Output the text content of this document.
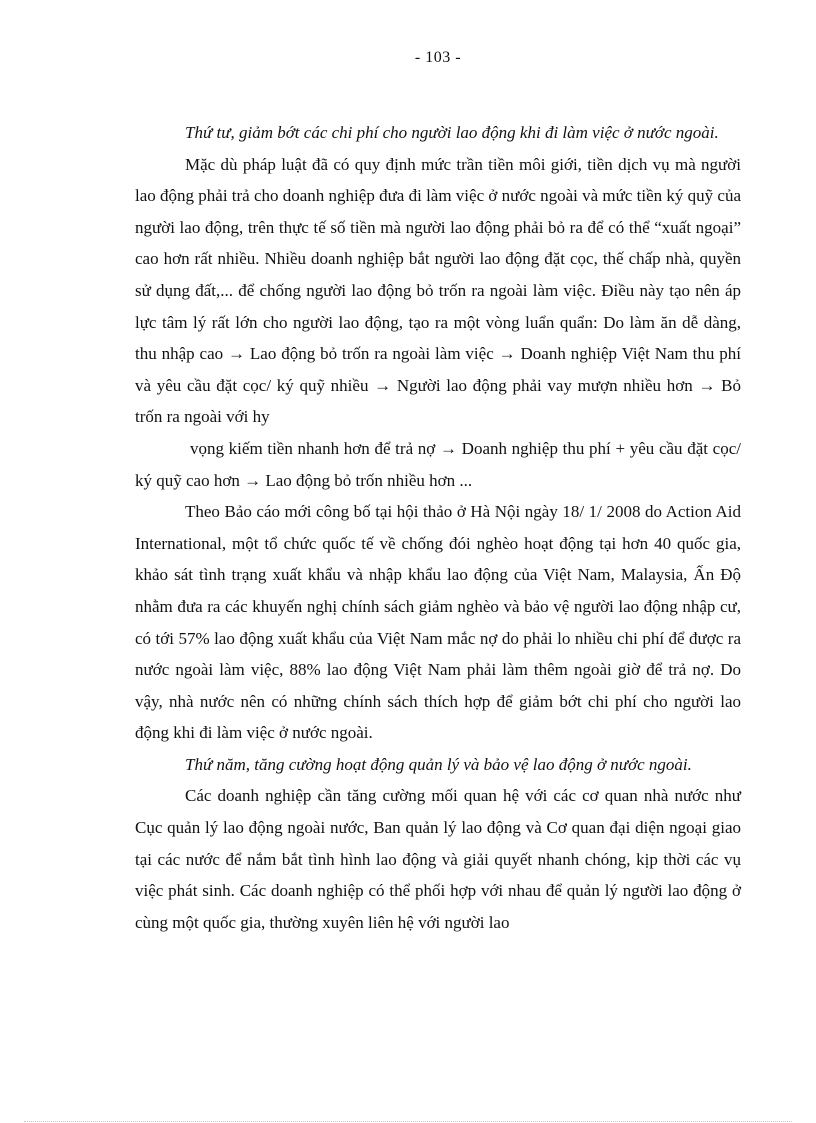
- 103 -

Thứ tư, giảm bớt các chi phí cho người lao động khi đi làm việc ở nước ngoài.

Mặc dù pháp luật đã có quy định mức trần tiền môi giới, tiền dịch vụ mà người lao động phải trả cho doanh nghiệp đưa đi làm việc ở nước ngoài và mức tiền ký quỹ của người lao động, trên thực tế số tiền mà người lao động phải bỏ ra để có thể “xuất ngoại” cao hơn rất nhiều. Nhiều doanh nghiệp bắt người lao động đặt cọc, thế chấp nhà, quyền sử dụng đất,... để chống người lao động bỏ trốn ra ngoài làm việc. Điều này tạo nên áp lực tâm lý rất lớn cho người lao động, tạo ra một vòng luẩn quẩn: Do làm ăn dễ dàng, thu nhập cao → Lao động bỏ trốn ra ngoài làm việc → Doanh nghiệp Việt Nam thu phí và yêu cầu đặt cọc/ ký quỹ nhiều → Người lao động phải vay mượn nhiều hơn → Bỏ trốn ra ngoài với hy

vọng kiếm tiền nhanh hơn để trả nợ → Doanh nghiệp thu phí + yêu cầu đặt cọc/ ký quỹ cao hơn → Lao động bỏ trốn nhiều hơn ...

Theo Bảo cáo mới công bố tại hội thảo ở Hà Nội ngày 18/ 1/ 2008 do Action Aid International, một tổ chức quốc tế về chống đói nghèo hoạt động tại hơn 40 quốc gia, khảo sát tình trạng xuất khẩu và nhập khẩu lao động của Việt Nam, Malaysia, Ấn Độ nhằm đưa ra các khuyến nghị chính sách giảm nghèo và bảo vệ người lao động nhập cư, có tới 57% lao động xuất khẩu của Việt Nam mắc nợ do phải lo nhiều chi phí để được ra nước ngoài làm việc, 88% lao động Việt Nam phải làm thêm ngoài giờ để trả nợ. Do vậy, nhà nước nên có những chính sách thích hợp để giảm bớt chi phí cho người lao động khi đi làm việc ở nước ngoài.

Thứ năm, tăng cường hoạt động quản lý và bảo vệ lao động ở nước ngoài.

Các doanh nghiệp cần tăng cường mối quan hệ với các cơ quan nhà nước như Cục quản lý lao động ngoài nước, Ban quản lý lao động và Cơ quan đại diện ngoại giao tại các nước để nắm bắt tình hình lao động và giải quyết nhanh chóng, kịp thời các vụ việc phát sinh. Các doanh nghiệp có thể phối hợp với nhau để quản lý người lao động ở cùng một quốc gia, thường xuyên liên hệ với người lao
